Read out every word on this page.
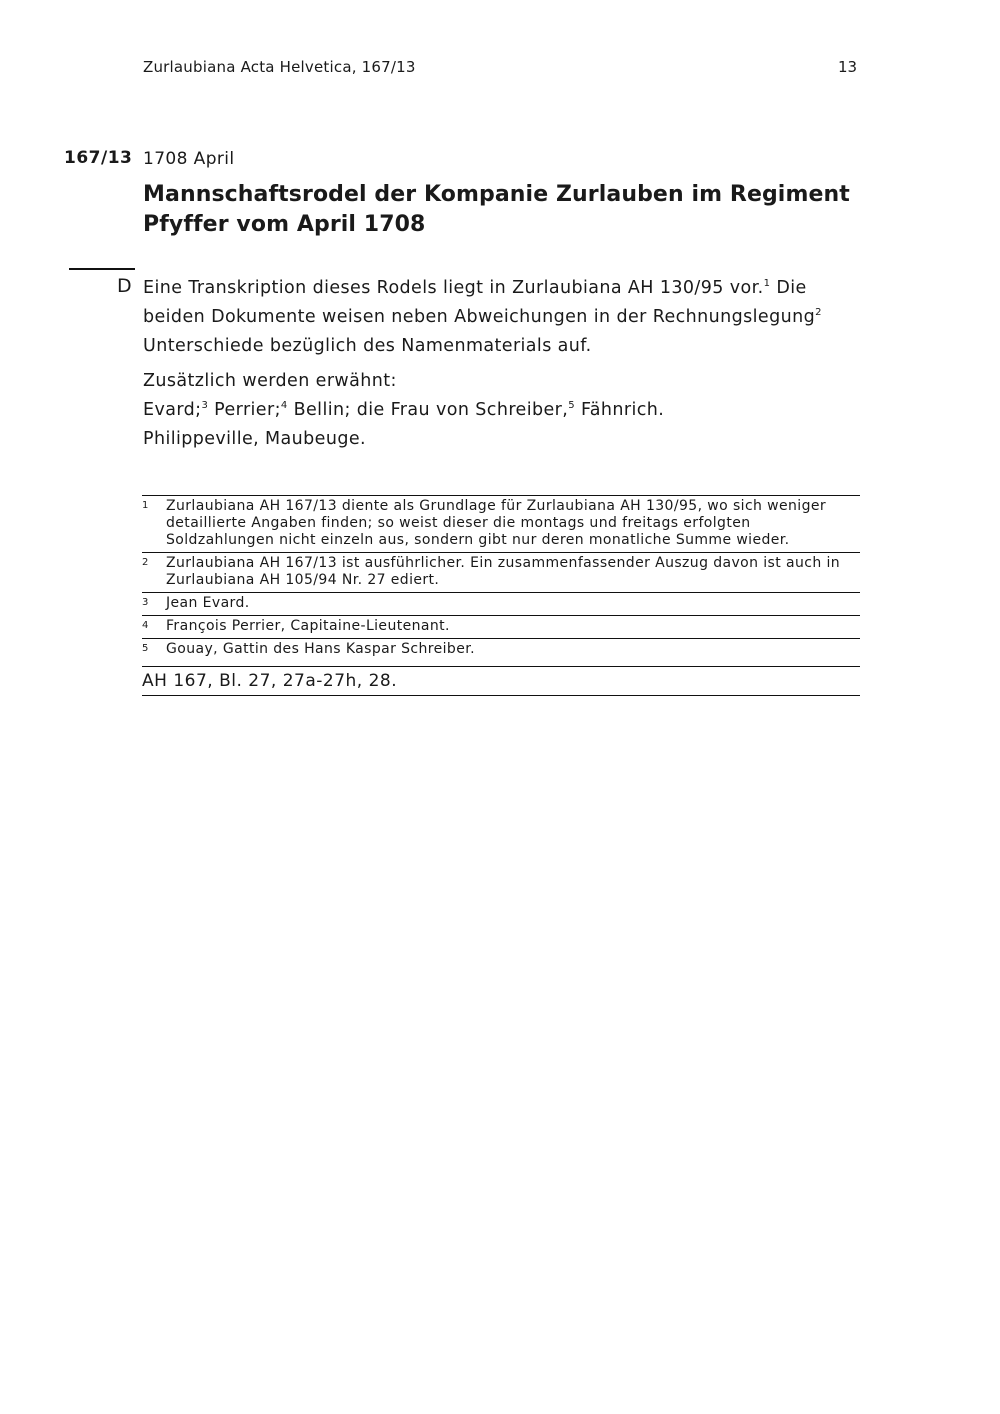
Zurlaubiana Acta Helvetica, 167/13	13
167/13 1708 April
Mannschaftsrodel der Kompanie Zurlauben im Regiment Pfyffer vom April 1708
D Eine Transkription dieses Rodels liegt in Zurlaubiana AH 130/95 vor.$^1$ Die beiden Dokumente weisen neben Abweichungen in der Rechnungslegung$^2$
Unterschiede bezüglich des Namenmaterials auf.
Zusätzlich werden erwähnt:
Evard;$^3$ Perrier;$^4$ Bellin; die Frau von Schreiber,$^5$ Fähnrich.
Philippeville, Maubeuge.
1 Zurlaubiana AH 167/13 diente als Grundlage für Zurlaubiana AH 130/95, wo sich weniger detaillierte Angaben finden; so weist dieser die montags und freitags erfolgten Soldzahlungen nicht einzeln aus, sondern gibt nur deren monatliche Summe wieder.
2 Zurlaubiana AH 167/13 ist ausführlicher. Ein zusammenfassender Auszug davon ist auch in Zurlaubiana AH 105/94 Nr. 27 ediert.
3 Jean Evard.
4 François Perrier, Capitaine-Lieutenant.
5 Gouay, Gattin des Hans Kaspar Schreiber.
AH 167, Bl. 27, 27a-27h, 28.
